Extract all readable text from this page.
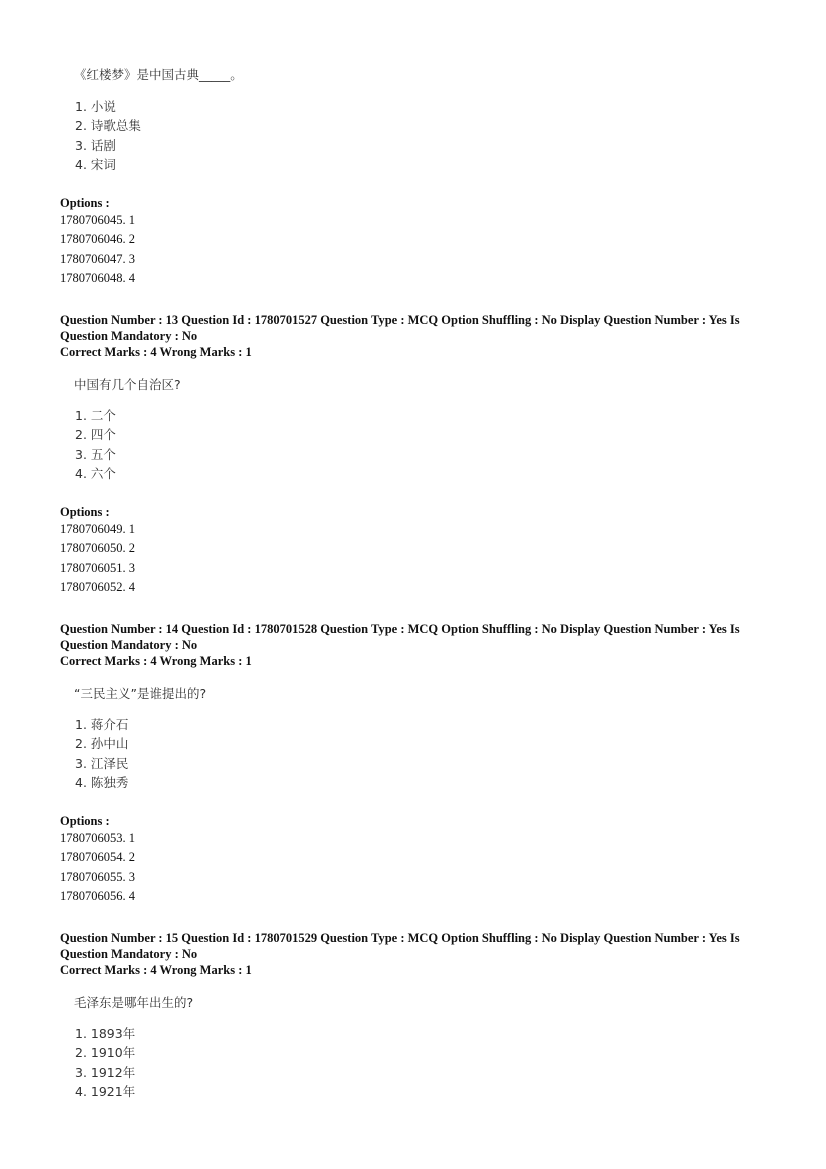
《红楼梦》是中国古典_____。
1. 小说
2. 诗歌总集
3. 话剧
4. 宋词
Options :
1780706045. 1
1780706046. 2
1780706047. 3
1780706048. 4
Question Number : 13 Question Id : 1780701527 Question Type : MCQ Option Shuffling : No Display Question Number : Yes Is
Question Mandatory : No
Correct Marks : 4 Wrong Marks : 1
中国有几个自治区?
1. 二个
2. 四个
3. 五个
4. 六个
Options :
1780706049. 1
1780706050. 2
1780706051. 3
1780706052. 4
Question Number : 14 Question Id : 1780701528 Question Type : MCQ Option Shuffling : No Display Question Number : Yes Is
Question Mandatory : No
Correct Marks : 4 Wrong Marks : 1
“三民主义”是谁提出的?
1. 蒋介石
2. 孙中山
3. 江泽民
4. 陈独秀
Options :
1780706053. 1
1780706054. 2
1780706055. 3
1780706056. 4
Question Number : 15 Question Id : 1780701529 Question Type : MCQ Option Shuffling : No Display Question Number : Yes Is
Question Mandatory : No
Correct Marks : 4 Wrong Marks : 1
毛泽东是哪年出生的?
1. 1893年
2. 1910年
3. 1912年
4. 1921年
